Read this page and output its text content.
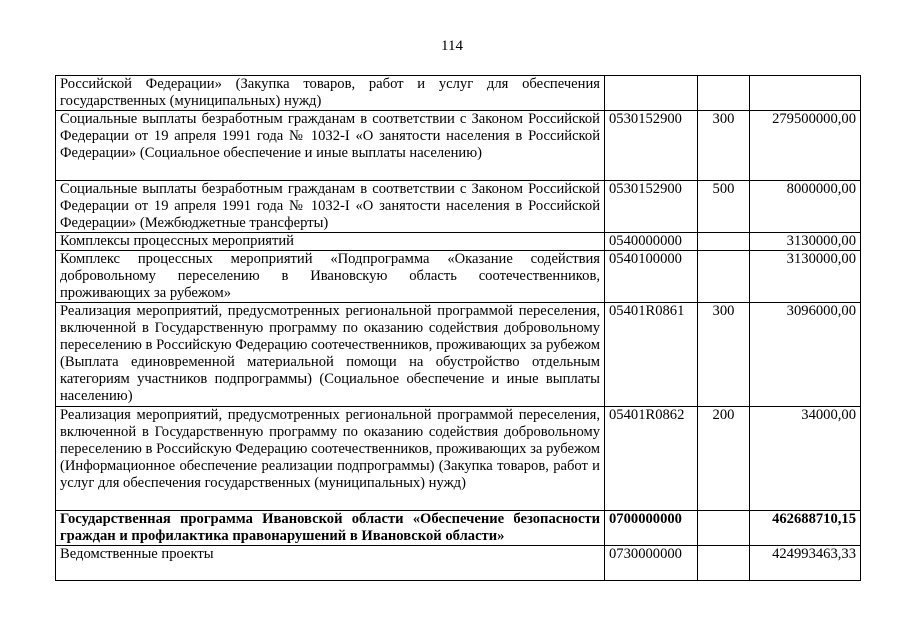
114
Российской Федерации» (Закупка товаров, работ и услуг для обеспечения государственных (муниципальных) нужд)			
Социальные выплаты безработным гражданам в соответствии с Законом Российской Федерации от 19 апреля 1991 года № 1032-I «О занятости населения в Российской Федерации» (Социальное обеспечение и иные выплаты населению)	0530152900	300	279500000,00
Социальные выплаты безработным гражданам в соответствии с Законом Российской Федерации от 19 апреля 1991 года № 1032-I «О занятости населения в Российской Федерации» (Межбюджетные трансферты)	0530152900	500	8000000,00
Комплексы процессных мероприятий	0540000000		3130000,00
Комплекс процессных мероприятий «Подпрограмма «Оказание содействия добровольному переселению в Ивановскую область соотечественников, проживающих за рубежом»	0540100000		3130000,00
Реализация мероприятий, предусмотренных региональной программой переселения, включенной в Государственную программу по оказанию содействия добровольному переселению в Российскую Федерацию соотечественников, проживающих за рубежом (Выплата единовременной материальной помощи на обустройство отдельным категориям участников подпрограммы) (Социальное обеспечение и иные выплаты населению)	05401R0861	300	3096000,00
Реализация мероприятий, предусмотренных региональной программой переселения, включенной в Государственную программу по оказанию содействия добровольному переселению в Российскую Федерацию соотечественников, проживающих за рубежом (Информационное обеспечение реализации подпрограммы) (Закупка товаров, работ и услуг для обеспечения государственных (муниципальных) нужд)	05401R0862	200	34000,00
Государственная программа Ивановской области «Обеспечение безопасности граждан и профилактика правонарушений в Ивановской области»	0700000000		462688710,15
Ведомственные проекты	0730000000		424993463,33
